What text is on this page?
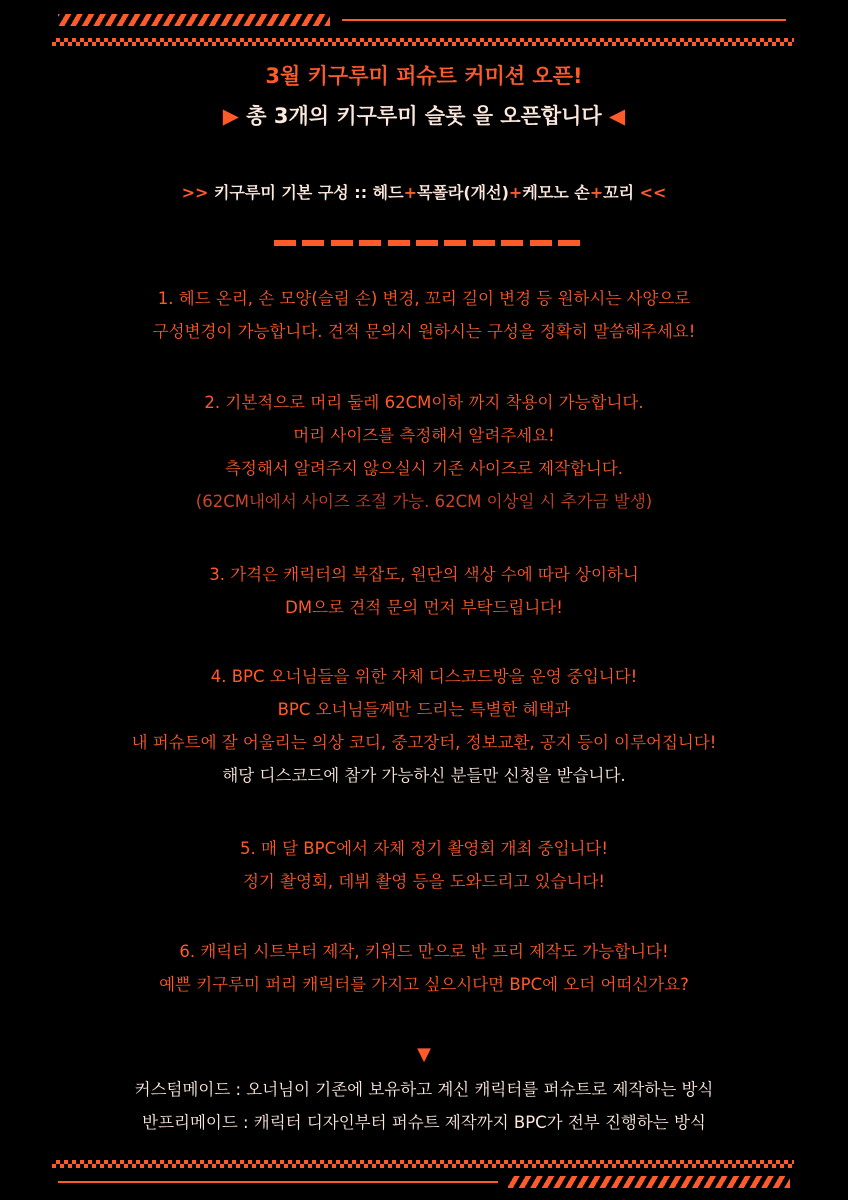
3월 키구루미 퍼슈트 커미션 오픈!
▶ 총 3개의 키구루미 슬롯 을 오픈합니다 ◀
>> 키구루미 기본 구성 :: 헤드+목폴라(개선)+케모노 손+꼬리 <<
1. 헤드 온리, 손 모양(슬림 손) 변경, 꼬리 길이 변경 등 원하시는 사양으로
구성변경이 가능합니다. 견적 문의시 원하시는 구성을 정확히 말씀해주세요!
2. 기본적으로 머리 둘레 62CM이하 까지 착용이 가능합니다.
머리 사이즈를 측정해서 알려주세요!
측정해서 알려주지 않으실시 기존 사이즈로 제작합니다.
(62CM내에서 사이즈 조절 가능. 62CM 이상일 시 추가금 발생)
3. 가격은 캐릭터의 복잡도, 원단의 색상 수에 따라 상이하니
DM으로 견적 문의 먼저 부탁드립니다!
4. BPC 오너님들을 위한 자체 디스코드방을 운영 중입니다!
BPC 오너님들께만 드리는 특별한 혜택과
내 퍼슈트에 잘 어울리는 의상 코디, 중고장터, 정보교환, 공지 등이 이루어집니다!
해당 디스코드에 참가 가능하신 분들만 신청을 받습니다.
5. 매 달 BPC에서 자체 정기 촬영회 개최 중입니다!
정기 촬영회, 데뷔 촬영 등을 도와드리고 있습니다!
6. 캐릭터 시트부터 제작, 키워드 만으로 반 프리 제작도 가능합니다!
예쁜 키구루미 퍼리 캐릭터를 가지고 싶으시다면 BPC에 오더 어떠신가요?
▼
커스텀메이드 : 오너님이 기존에 보유하고 계신 캐릭터를 퍼슈트로 제작하는 방식
반프리메이드 : 캐릭터 디자인부터 퍼슈트 제작까지 BPC가 전부 진행하는 방식
